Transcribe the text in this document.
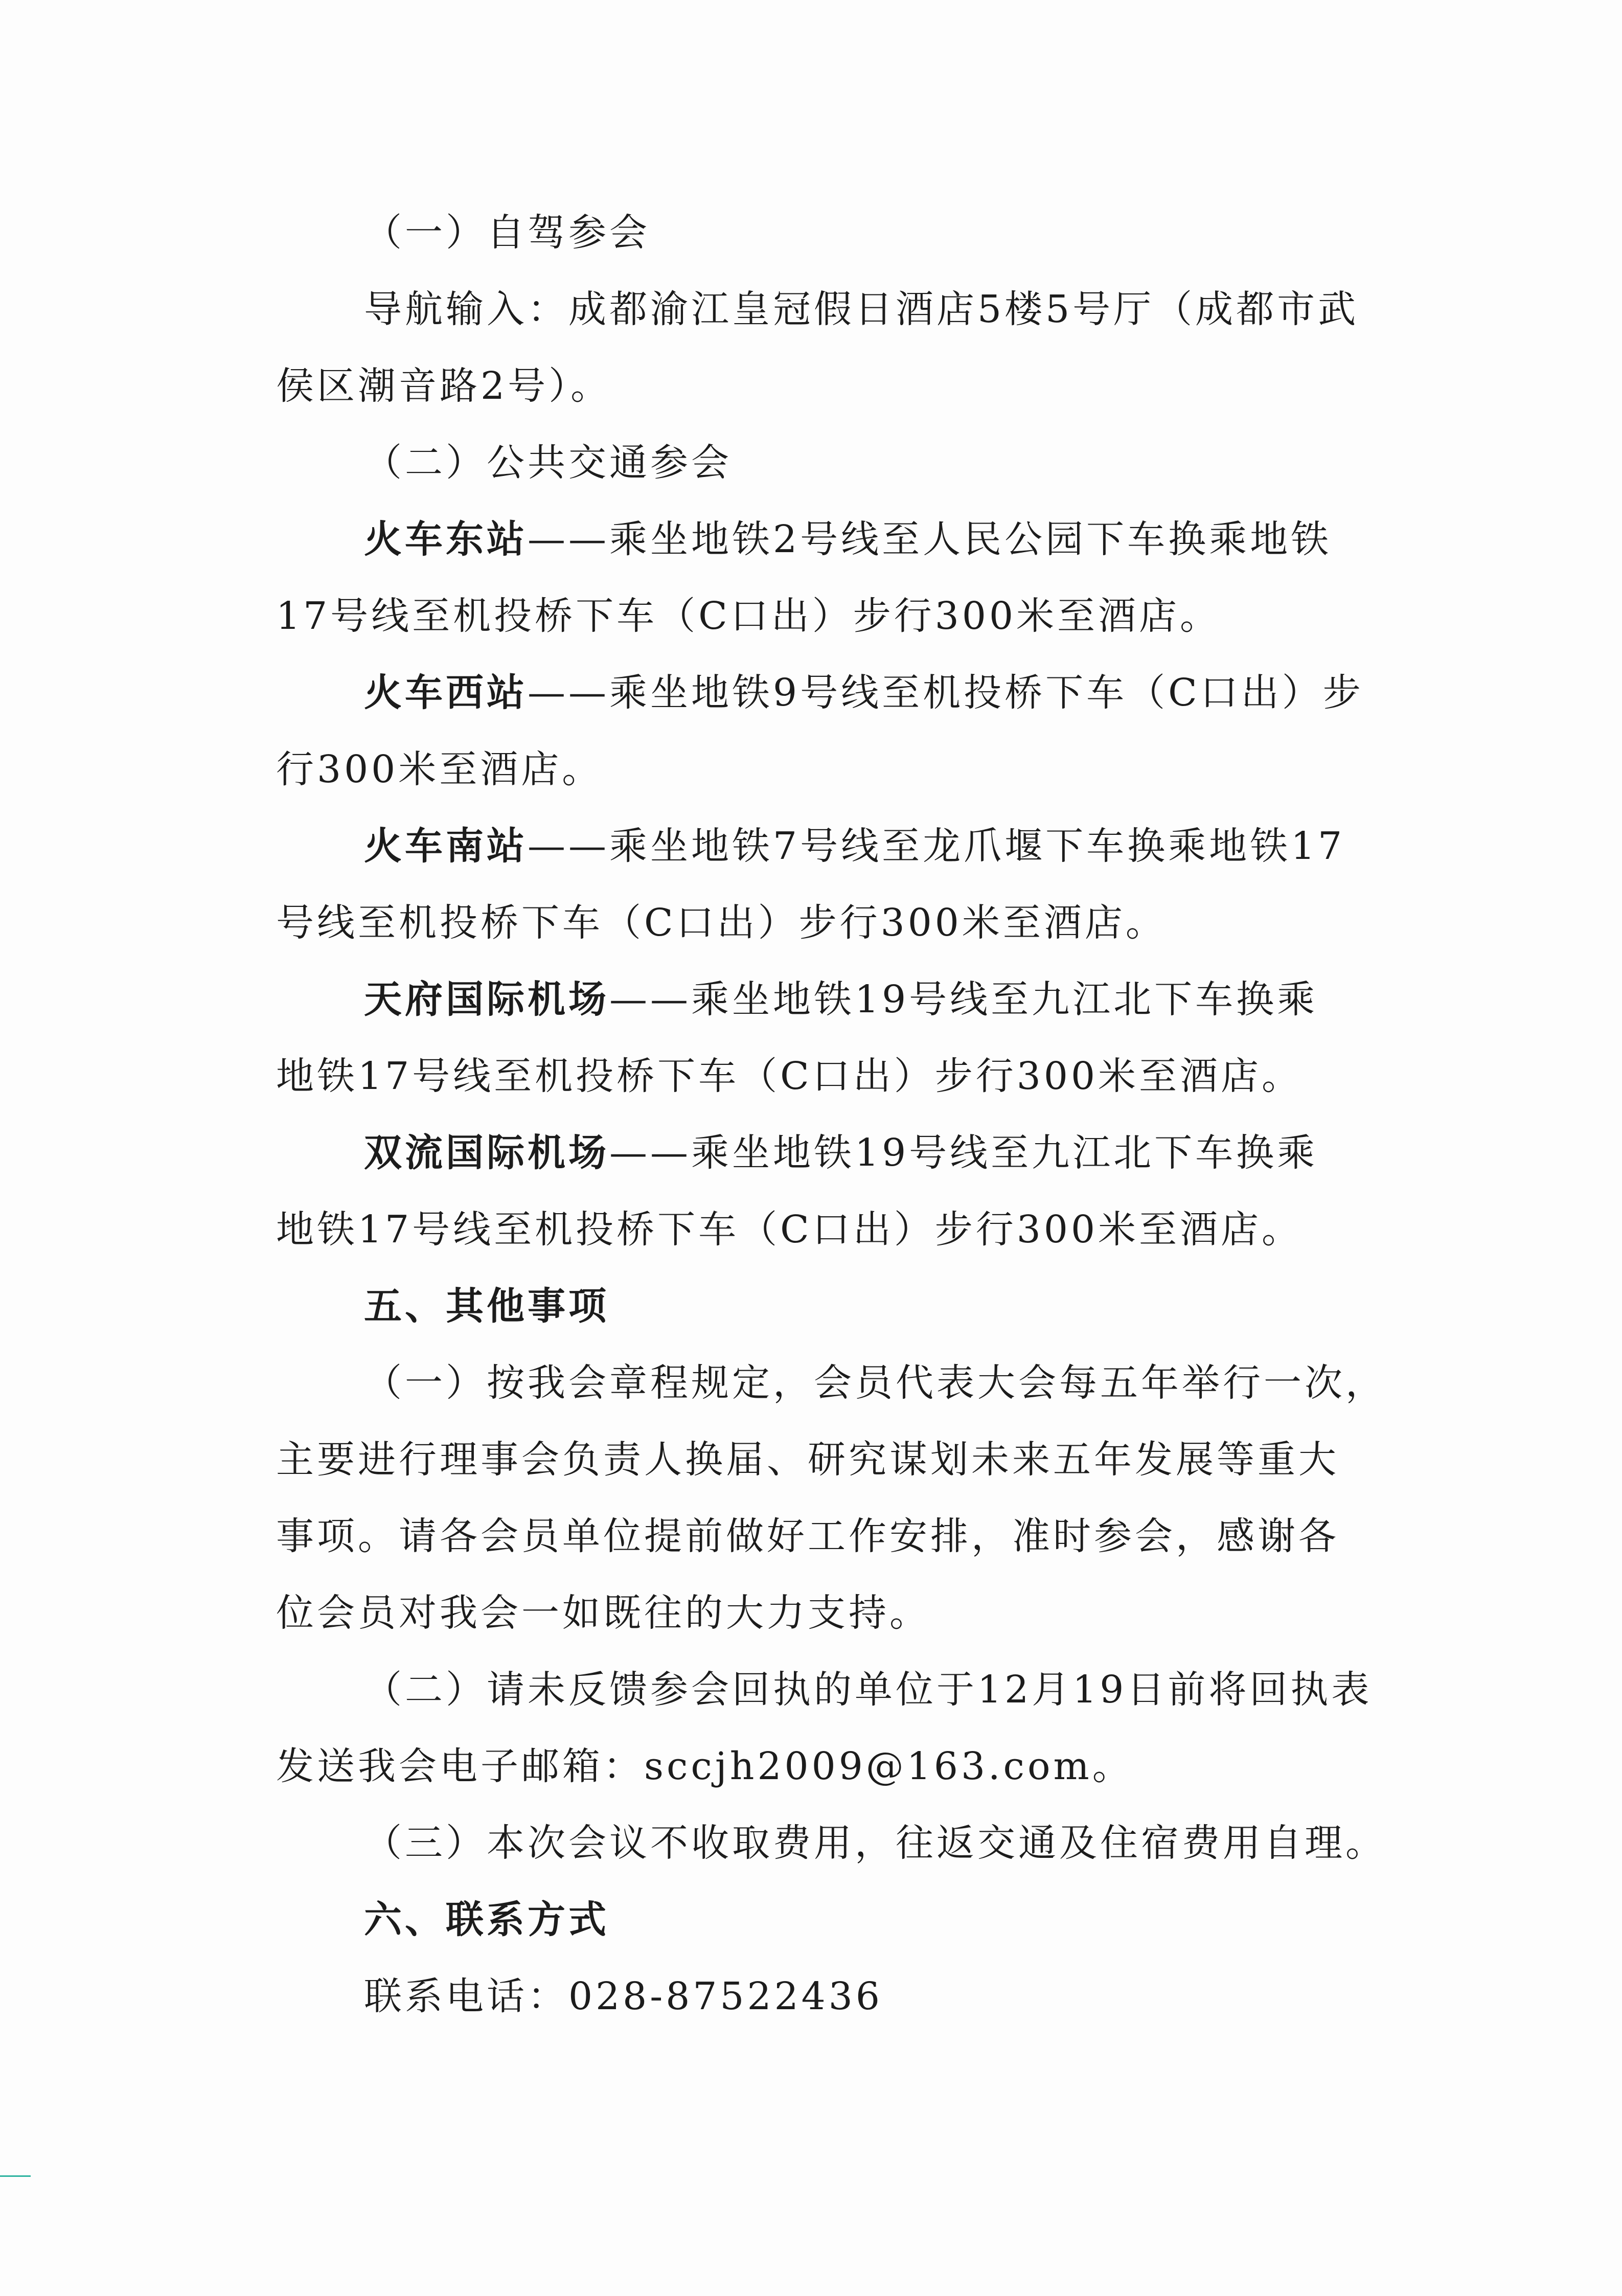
（一）自驾参会
导航输入：成都渝江皇冠假日酒店5楼5号厅（成都市武
侯区潮音路2号）。
（二）公共交通参会
火车东站——乘坐地铁2号线至人民公园下车换乘地铁
17号线至机投桥下车（C口出）步行300米至酒店。
火车西站——乘坐地铁9号线至机投桥下车（C口出）步
行300米至酒店。
火车南站——乘坐地铁7号线至龙爪堰下车换乘地铁17
号线至机投桥下车（C口出）步行300米至酒店。
天府国际机场——乘坐地铁19号线至九江北下车换乘
地铁17号线至机投桥下车（C口出）步行300米至酒店。
双流国际机场——乘坐地铁19号线至九江北下车换乘
地铁17号线至机投桥下车（C口出）步行300米至酒店。
五、其他事项
（一）按我会章程规定，会员代表大会每五年举行一次，
主要进行理事会负责人换届、研究谋划未来五年发展等重大
事项。请各会员单位提前做好工作安排，准时参会，感谢各
位会员对我会一如既往的大力支持。
（二）请未反馈参会回执的单位于12月19日前将回执表
发送我会电子邮箱：sccjh2009@163.com。
（三）本次会议不收取费用，往返交通及住宿费用自理。
六、联系方式
联系电话：028-87522436
